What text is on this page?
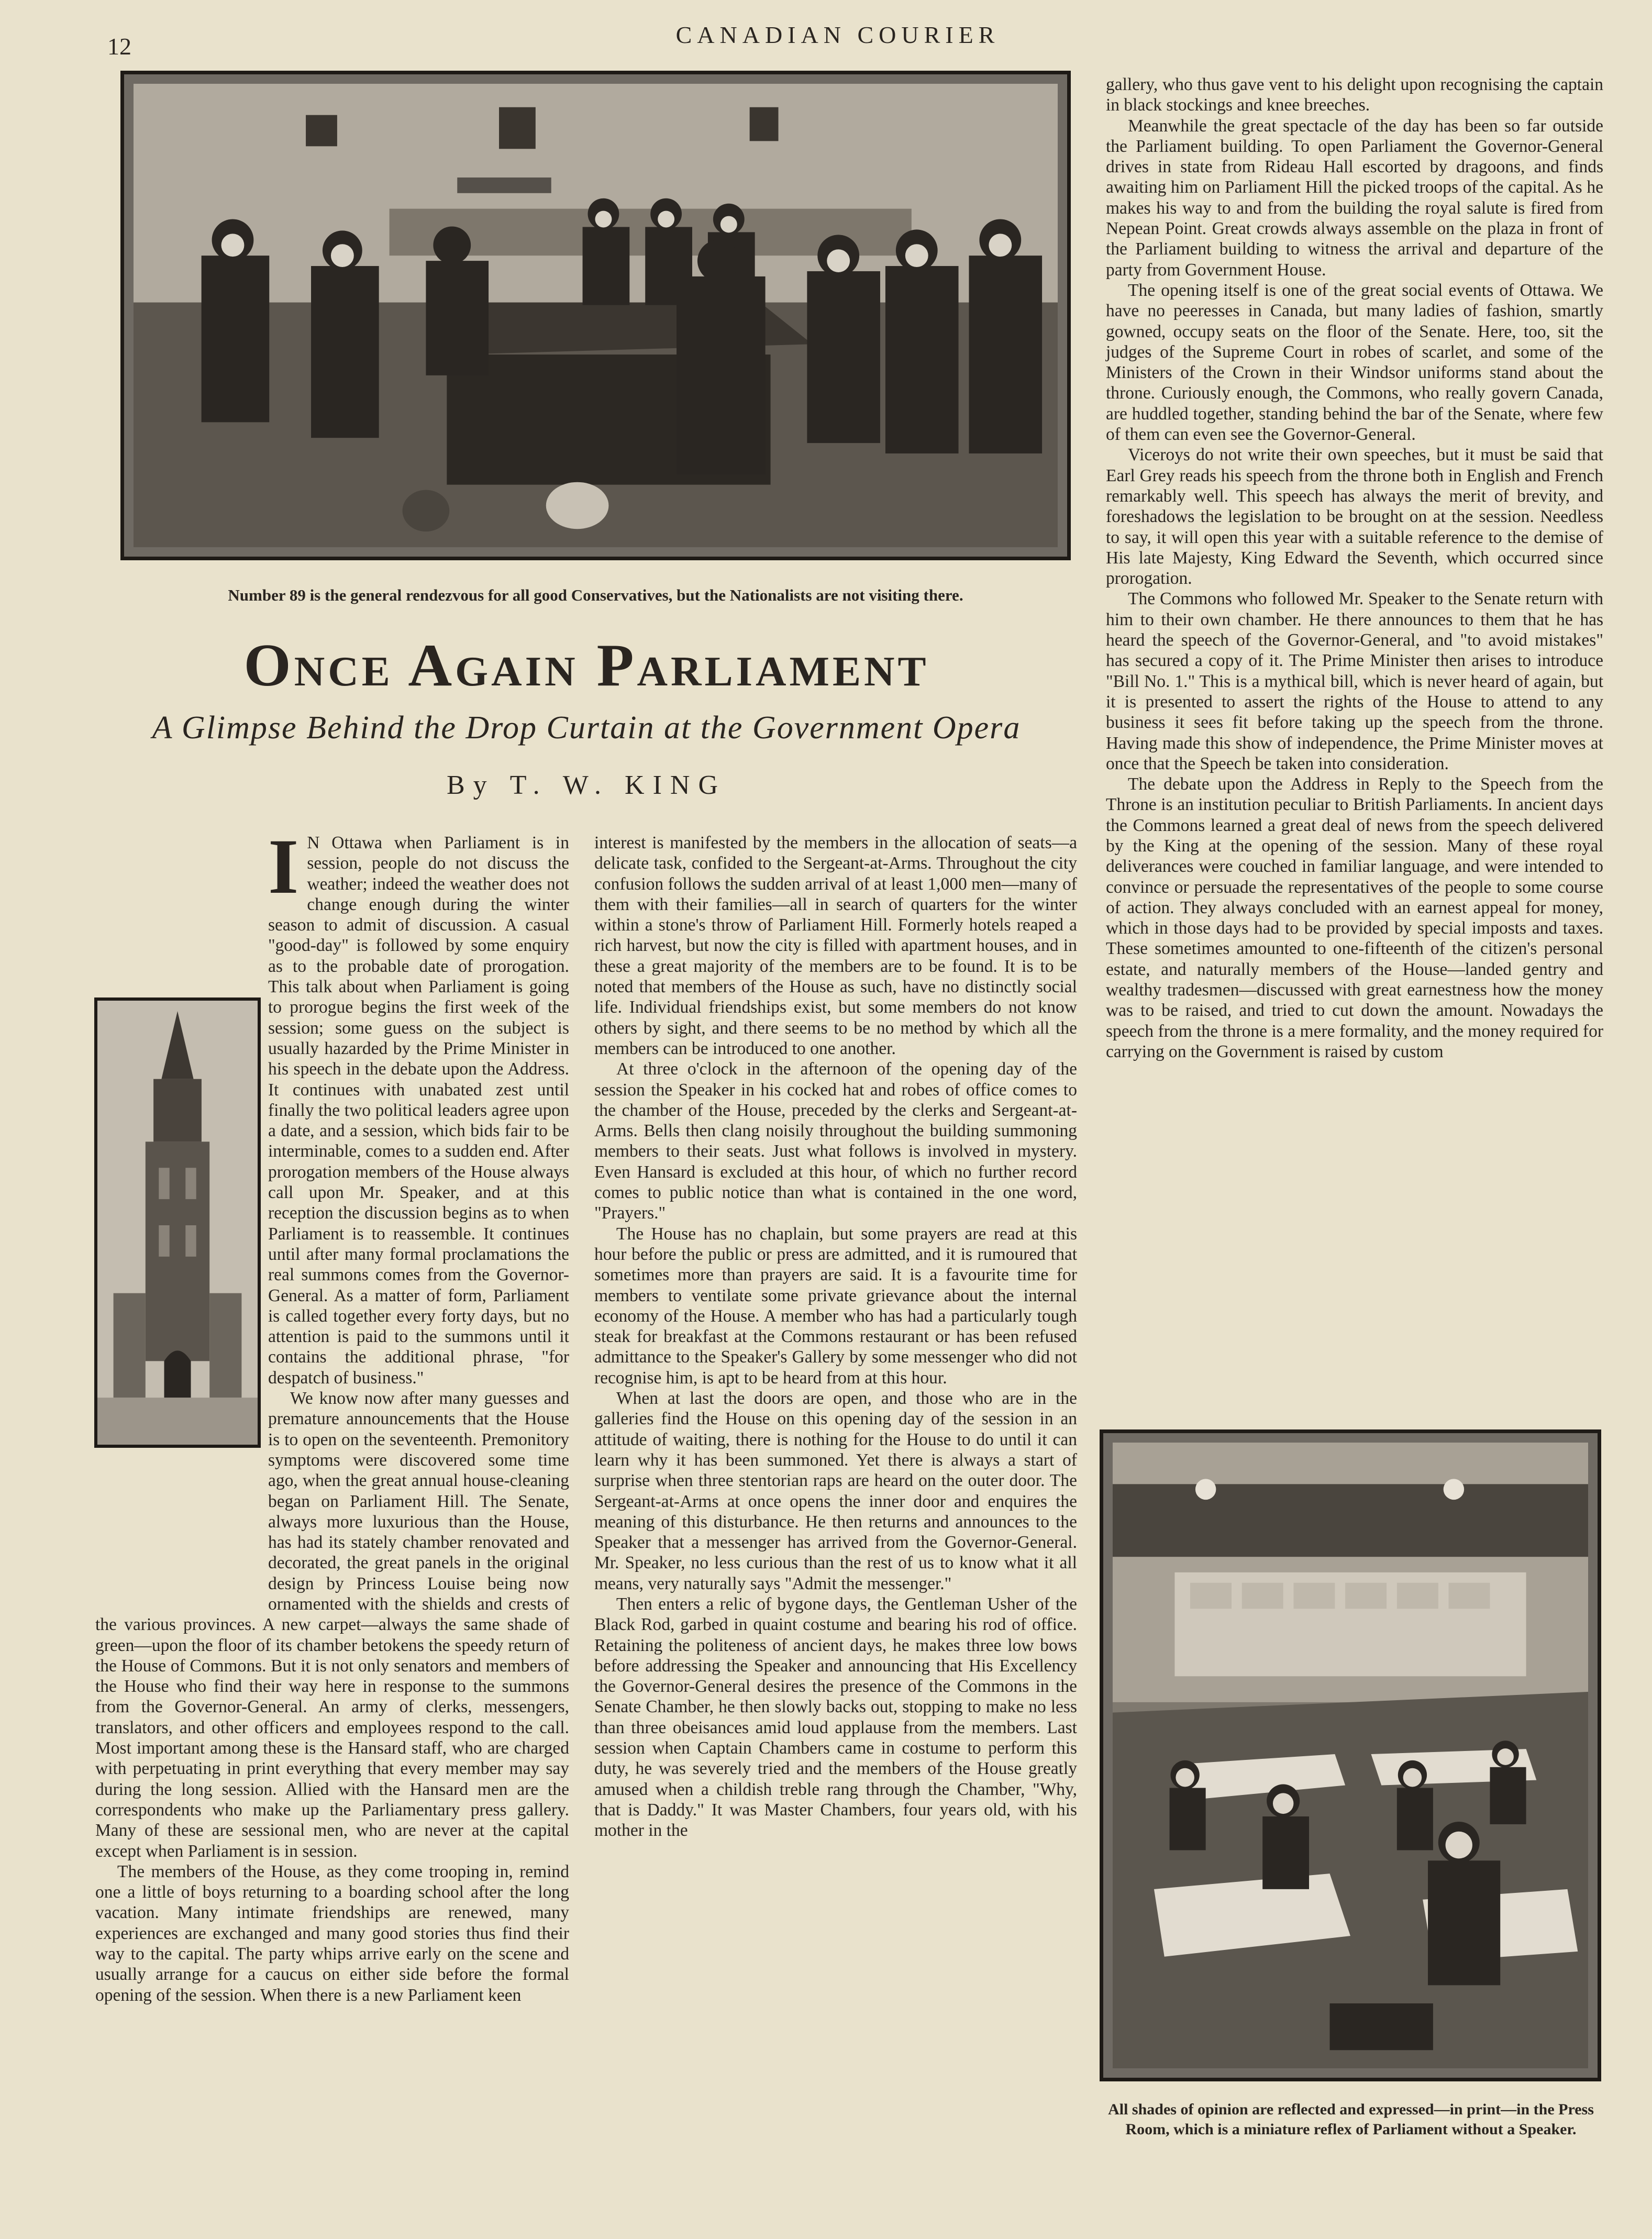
12	CANADIAN COURIER
Number 89 is the general rendezvous for all good Conservatives, but the Nationalists are not visiting there.
Once Again Parliament
A Glimpse Behind the Drop Curtain at the Government Opera
By T. W. KING
I N Ottawa when Parliament is in session, people do not discuss the weather; indeed the weather does not change enough during the winter season to admit of discussion. A casual "good-day" is followed by some enquiry as to the probable date of prorogation. This talk about when Parliament is going to prorogue begins the first week of the session; some guess on the subject is usually hazarded by the Prime Minister in his speech in the debate upon the Address. It continues with unabated zest until finally the two political leaders agree upon a date, and a session, which bids fair to be interminable, comes to a sudden end. After prorogation members of the House always call upon Mr. Speaker, and at this reception the discussion begins as to when Parliament is to reassemble. It continues until after many formal proclamations the real summons comes from the Governor-General. As a matter of form, Parliament is called together every forty days, but no attention is paid to the summons until it contains the additional phrase, "for despatch of business."

We know now after many guesses and premature announcements that the House is to open on the seventeenth. Premonitory symptoms were discovered some time ago, when the great annual house-cleaning began on Parliament Hill. The Senate, always more luxurious than the House, has had its stately chamber renovated and decorated, the great panels in the original design by Princess Louise being now ornamented with the shields and crests of the various provinces. A new carpet—always the same shade of green—upon the floor of its chamber betokens the speedy return of the House of Commons. But it is not only senators and members of the House who find their way here in response to the summons from the Governor-General. An army of clerks, messengers, translators, and other officers and employees respond to the call. Most important among these is the Hansard staff, who are charged with perpetuating in print everything that every member may say during the long session. Allied with the Hansard men are the correspondents who make up the Parliamentary press gallery. Many of these are sessional men, who are never at the capital except when Parliament is in session.

The members of the House, as they come trooping in, remind one a little of boys returning to a boarding school after the long vacation. Many intimate friendships are renewed, many experiences are exchanged and many good stories thus find their way to the capital. The party whips arrive early on the scene and usually arrange for a caucus on either side before the formal opening of the session. When there is a new Parliament keen

interest is manifested by the members in the allocation of seats—a delicate task, confided to the Sergeant-at-Arms. Throughout the city confusion follows the sudden arrival of at least 1,000 men—many of them with their families—all in search of quarters for the winter within a stone's throw of Parliament Hill. Formerly hotels reaped a rich harvest, but now the city is filled with apartment houses, and in these a great majority of the members are to be found. It is to be noted that members of the House as such, have no distinctly social life. Individual friendships exist, but some members do not know others by sight, and there seems to be no method by which all the members can be introduced to one another.

At three o'clock in the afternoon of the opening day of the session the Speaker in his cocked hat and robes of office comes to the chamber of the House, preceded by the clerks and Sergeant-at-Arms. Bells then clang noisily throughout the building summoning members to their seats. Just what follows is involved in mystery. Even Hansard is excluded at this hour, of which no further record comes to public notice than what is contained in the one word, "Prayers."

The House has no chaplain, but some prayers are read at this hour before the public or press are admitted, and it is rumoured that sometimes more than prayers are said. It is a favourite time for members to ventilate some private grievance about the internal economy of the House. A member who has had a particularly tough steak for breakfast at the Commons restaurant or has been refused admittance to the Speaker's Gallery by some messenger who did not recognise him, is apt to be heard from at this hour.

When at last the doors are open, and those who are in the galleries find the House on this opening day of the session in an attitude of waiting, there is nothing for the House to do until it can learn why it has been summoned. Yet there is always a start of surprise when three stentorian raps are heard on the outer door. The Sergeant-at-Arms at once opens the inner door and enquires the meaning of this disturbance. He then returns and announces to the Speaker that a messenger has arrived from the Governor-General. Mr. Speaker, no less curious than the rest of us to know what it all means, very naturally says "Admit the messenger."

Then enters a relic of bygone days, the Gentleman Usher of the Black Rod, garbed in quaint costume and bearing his rod of office. Retaining the politeness of ancient days, he makes three low bows before addressing the Speaker and announcing that His Excellency the Governor-General desires the presence of the Commons in the Senate Chamber, he then slowly backs out, stopping to make no less than three obeisances amid loud applause from the members. Last session when Captain Chambers came in costume to perform this duty, he was severely tried and the members of the House greatly amused when a childish treble rang through the Chamber, "Why, that is Daddy." It was Master Chambers, four years old, with his mother in the

gallery, who thus gave vent to his delight upon recognising the captain in black stockings and knee breeches.

Meanwhile the great spectacle of the day has been so far outside the Parliament building. To open Parliament the Governor-General drives in state from Rideau Hall escorted by dragoons, and finds awaiting him on Parliament Hill the picked troops of the capital. As he makes his way to and from the building the royal salute is fired from Nepean Point. Great crowds always assemble on the plaza in front of the Parliament building to witness the arrival and departure of the party from Government House.

The opening itself is one of the great social events of Ottawa. We have no peeresses in Canada, but many ladies of fashion, smartly gowned, occupy seats on the floor of the Senate. Here, too, sit the judges of the Supreme Court in robes of scarlet, and some of the Ministers of the Crown in their Windsor uniforms stand about the throne. Curiously enough, the Commons, who really govern Canada, are huddled together, standing behind the bar of the Senate, where few of them can even see the Governor-General.

Viceroys do not write their own speeches, but it must be said that Earl Grey reads his speech from the throne both in English and French remarkably well. This speech has always the merit of brevity, and foreshadows the legislation to be brought on at the session. Needless to say, it will open this year with a suitable reference to the demise of His late Majesty, King Edward the Seventh, which occurred since prorogation.

The Commons who followed Mr. Speaker to the Senate return with him to their own chamber. He there announces to them that he has heard the speech of the Governor-General, and "to avoid mistakes" has secured a copy of it. The Prime Minister then arises to introduce "Bill No. 1." This is a mythical bill, which is never heard of again, but it is presented to assert the rights of the House to attend to any business it sees fit before taking up the speech from the throne. Having made this show of independence, the Prime Minister moves at once that the Speech be taken into consideration.

The debate upon the Address in Reply to the Speech from the Throne is an institution peculiar to British Parliaments. In ancient days the Commons learned a great deal of news from the speech delivered by the King at the opening of the session. Many of these royal deliverances were couched in familiar language, and were intended to convince or persuade the representatives of the people to some course of action. They always concluded with an earnest appeal for money, which in those days had to be provided by special imposts and taxes. These sometimes amounted to one-fifteenth of the citizen's personal estate, and naturally members of the House—landed gentry and wealthy tradesmen—discussed with great earnestness how the money was to be raised, and tried to cut down the amount. Nowadays the speech from the throne is a mere formality, and the money required for carrying on the Government is raised by custom

All shades of opinion are reflected and expressed—in print—in the Press Room, which is a miniature reflex of Parliament without a Speaker.
